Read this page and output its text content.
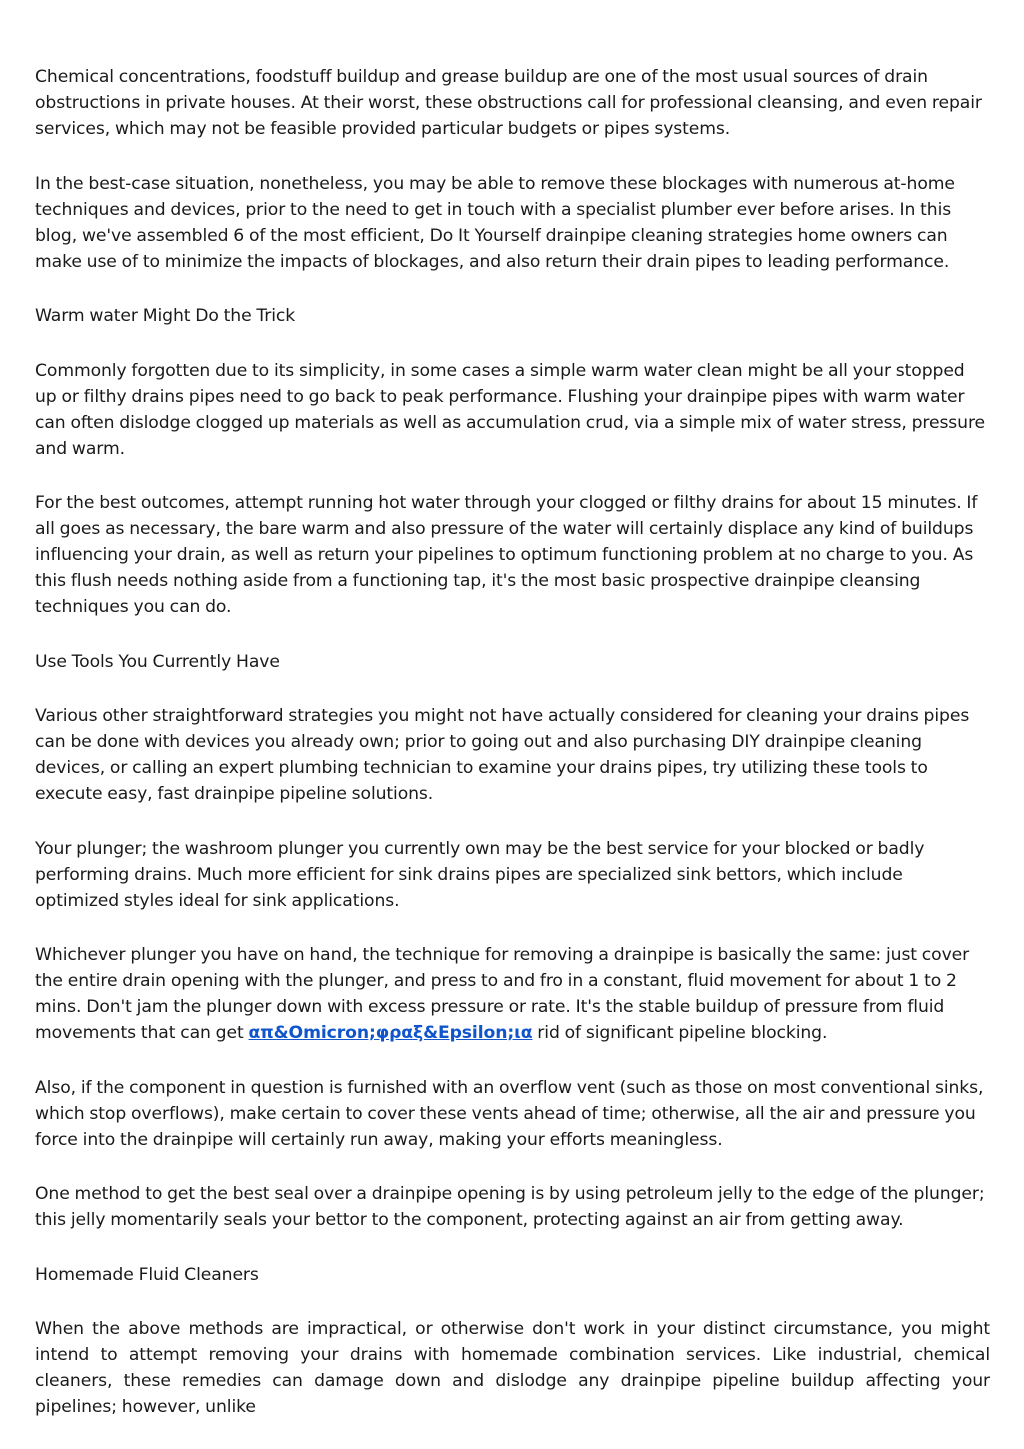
Chemical concentrations, foodstuff buildup and grease buildup are one of the most usual sources of drain obstructions in private houses. At their worst, these obstructions call for professional cleansing, and even repair services, which may not be feasible provided particular budgets or pipes systems.

In the best-case situation, nonetheless, you may be able to remove these blockages with numerous at-home techniques and devices, prior to the need to get in touch with a specialist plumber ever before arises. In this blog, we've assembled 6 of the most efficient, Do It Yourself drainpipe cleaning strategies home owners can make use of to minimize the impacts of blockages, and also return their drain pipes to leading performance.

Warm water Might Do the Trick

Commonly forgotten due to its simplicity, in some cases a simple warm water clean might be all your stopped up or filthy drains pipes need to go back to peak performance. Flushing your drainpipe pipes with warm water can often dislodge clogged up materials as well as accumulation crud, via a simple mix of water stress, pressure and warm.

For the best outcomes, attempt running hot water through your clogged or filthy drains for about 15 minutes. If all goes as necessary, the bare warm and also pressure of the water will certainly displace any kind of buildups influencing your drain, as well as return your pipelines to optimum functioning problem at no charge to you. As this flush needs nothing aside from a functioning tap, it's the most basic prospective drainpipe cleansing techniques you can do.

Use Tools You Currently Have

Various other straightforward strategies you might not have actually considered for cleaning your drains pipes can be done with devices you already own; prior to going out and also purchasing DIY drainpipe cleaning devices, or calling an expert plumbing technician to examine your drains pipes, try utilizing these tools to execute easy, fast drainpipe pipeline solutions.

Your plunger; the washroom plunger you currently own may be the best service for your blocked or badly performing drains. Much more efficient for sink drains pipes are specialized sink bettors, which include optimized styles ideal for sink applications.

Whichever plunger you have on hand, the technique for removing a drainpipe is basically the same: just cover the entire drain opening with the plunger, and press to and fro in a constant, fluid movement for about 1 to 2 mins. Don't jam the plunger down with excess pressure or rate. It's the stable buildup of pressure from fluid movements that can get απ&Omicron;φραξ&Epsilon;ια rid of significant pipeline blocking.

Also, if the component in question is furnished with an overflow vent (such as those on most conventional sinks, which stop overflows), make certain to cover these vents ahead of time; otherwise, all the air and pressure you force into the drainpipe will certainly run away, making your efforts meaningless.

One method to get the best seal over a drainpipe opening is by using petroleum jelly to the edge of the plunger; this jelly momentarily seals your bettor to the component, protecting against an air from getting away.

Homemade Fluid Cleaners

When the above methods are impractical, or otherwise don't work in your distinct circumstance, you might intend to attempt removing your drains with homemade combination services. Like industrial, chemical cleaners, these remedies can damage down and dislodge any drainpipe pipeline buildup affecting your pipelines; however, unlike
